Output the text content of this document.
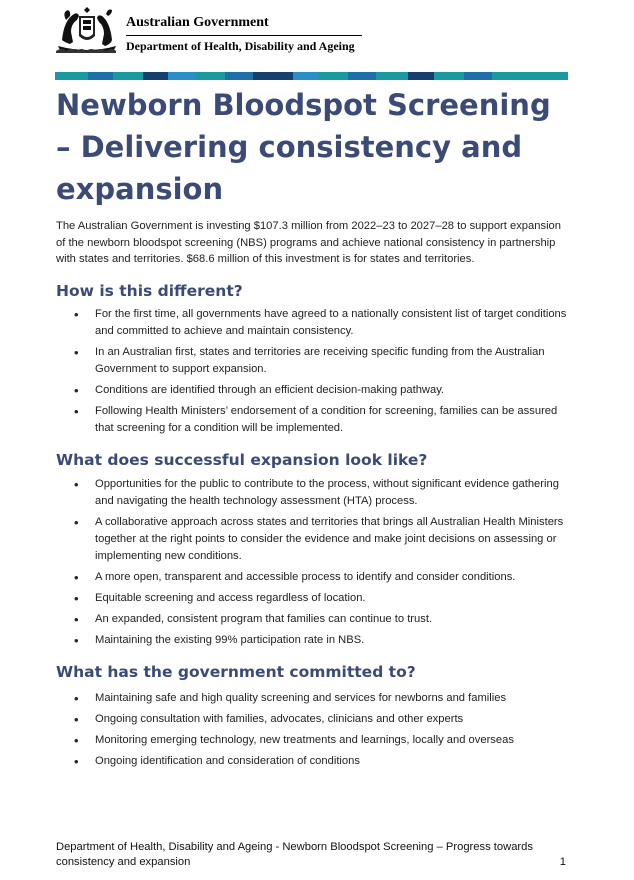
Australian Government
Department of Health, Disability and Ageing
Newborn Bloodspot Screening – Delivering consistency and expansion

The Australian Government is investing $107.3 million from 2022–23 to 2027–28 to support expansion of the newborn bloodspot screening (NBS) programs and achieve national consistency in partnership with states and territories. $68.6 million of this investment is for states and territories.

How is this different?
• For the first time, all governments have agreed to a nationally consistent list of target conditions and committed to achieve and maintain consistency.
• In an Australian first, states and territories are receiving specific funding from the Australian Government to support expansion.
• Conditions are identified through an efficient decision-making pathway.
• Following Health Ministers’ endorsement of a condition for screening, families can be assured that screening for a condition will be implemented.
What does successful expansion look like?
• Opportunities for the public to contribute to the process, without significant evidence gathering and navigating the health technology assessment (HTA) process.
• A collaborative approach across states and territories that brings all Australian Health Ministers together at the right points to consider the evidence and make joint decisions on assessing or implementing new conditions.
• A more open, transparent and accessible process to identify and consider conditions.
• Equitable screening and access regardless of location.
• An expanded, consistent program that families can continue to trust.
• Maintaining the existing 99% participation rate in NBS.
What has the government committed to?
• Maintaining safe and high quality screening and services for newborns and families
• Ongoing consultation with families, advocates, clinicians and other experts
• Monitoring emerging technology, new treatments and learnings, locally and overseas
• Ongoing identification and consideration of conditions
Department of Health, Disability and Ageing - Newborn Bloodspot Screening – Progress towards consistency and expansion	1
